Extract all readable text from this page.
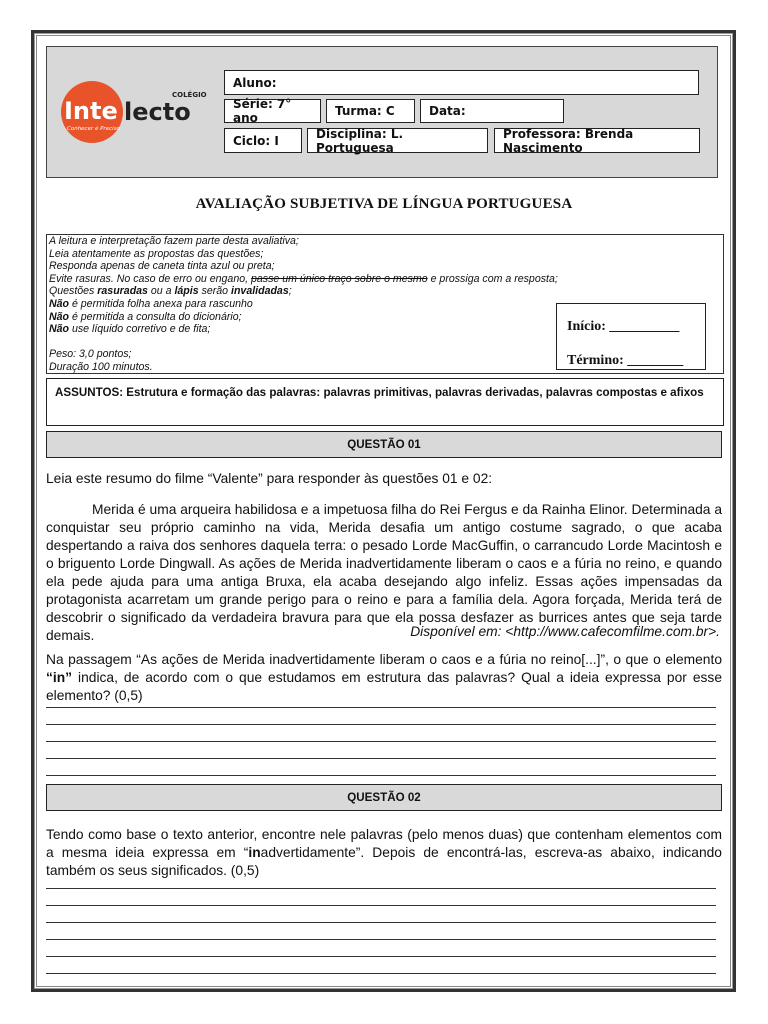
COLÉGIO
Inte lecto
Conhecer é Preciso
Aluno:
Série: 7° ano	Turma: C	Data:
Ciclo: I	Disciplina: L. Portuguesa
Professora: Brenda Nascimento
AVALIAÇÃO SUBJETIVA DE LÍNGUA PORTUGUESA
A leitura e interpretação fazem parte desta avaliativa;
Leia atentamente as propostas das questões;
Responda apenas de caneta tinta azul ou preta;
Evite rasuras. No caso de erro ou engano, passe um único traço sobre o mesmo e prossiga com a resposta;
Questões rasuradas ou a lápis serão invalidadas;
Não é permitida folha anexa para rascunho
Não é permitida a consulta do dicionário;
Não use líquido corretivo e de fita;
Peso: 3,0 pontos;
Duração 100 minutos.
Início: __________
Término: ________
ASSUNTOS: Estrutura e formação das palavras: palavras primitivas, palavras derivadas, palavras compostas e afixos
QUESTÃO 01
Leia este resumo do filme “Valente” para responder às questões 01 e 02:
Merida é uma arqueira habilidosa e a impetuosa filha do Rei Fergus e da Rainha Elinor. Determinada a conquistar seu próprio caminho na vida, Merida desafia um antigo costume sagrado, o que acaba despertando a raiva dos senhores daquela terra: o pesado Lorde MacGuffin, o carrancudo Lorde Macintosh e o briguento Lorde Dingwall. As ações de Merida inadvertidamente liberam o caos e a fúria no reino, e quando ela pede ajuda para uma antiga Bruxa, ela acaba desejando algo infeliz. Essas ações impensadas da protagonista acarretam um grande perigo para o reino e para a família dela. Agora forçada, Merida terá de descobrir o significado da verdadeira bravura para que ela possa desfazer as burrices antes que seja tarde demais.	Disponível em: <http://www.cafecomfilme.com.br>.
Na passagem “As ações de Merida inadvertidamente liberam o caos e a fúria no reino[...]”, o que o elemento “in” indica, de acordo com o que estudamos em estrutura das palavras? Qual a ideia expressa por esse elemento? (0,5)
QUESTÃO 02
Tendo como base o texto anterior, encontre nele palavras (pelo menos duas) que contenham elementos com a mesma ideia expressa em “inadvertidamente”. Depois de encontrá-las, escreva-as abaixo, indicando também os seus significados. (0,5)
